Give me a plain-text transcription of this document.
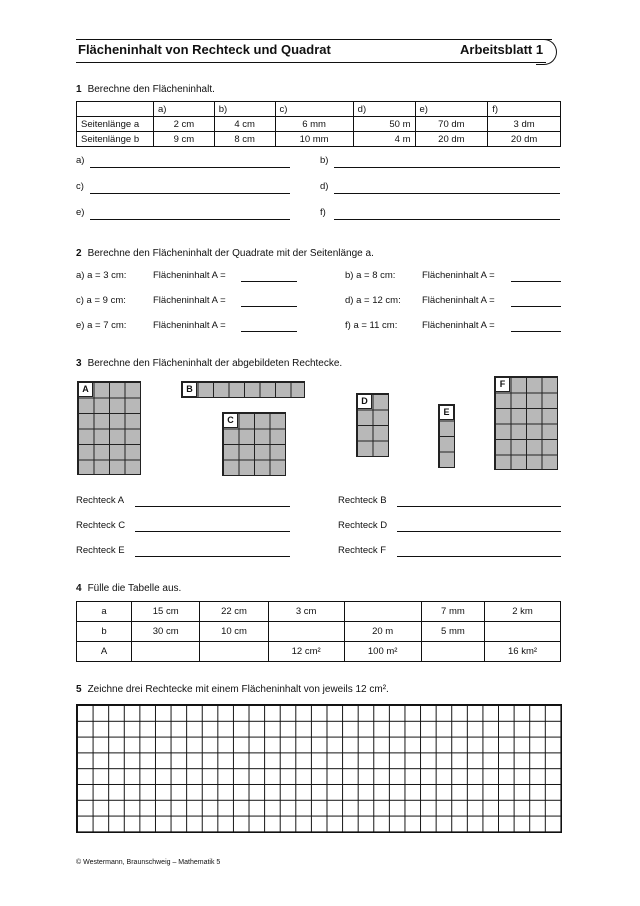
Flächeninhalt von Rechteck und Quadrat	Arbeitsblatt 1
1 Berechne den Flächeninhalt.
	a)	b)	c)	d)	e)	f)
Seitenlänge a	2 cm	4 cm	6 mm	50 m	70 dm	3 dm
Seitenlänge b	9 cm	8 cm	10 mm	4 m	20 dm	20 dm
a)	b)
c)	d)
e)	f)
2 Berechne den Flächeninhalt der Quadrate mit der Seitenlänge a.
a) a = 3 cm:	Flächeninhalt A =	b) a = 8 cm:	Flächeninhalt A =
c) a = 9 cm:	Flächeninhalt A =	d) a = 12 cm: Flächeninhalt A =
e) a = 7 cm:	Flächeninhalt A =	f) a = 11 cm:	Flächeninhalt A =
3 Berechne den Flächeninhalt der abgebildeten Rechtecke.
A	B
C
D
E
F
Rechteck A	Rechteck B
Rechteck C	Rechteck D
Rechteck E	Rechteck F
4 Fülle die Tabelle aus.
a	15 cm	22 cm	3 cm		7 mm	2 km
b	30 cm	10 cm		20 m	5 mm	
A			12 cm²	100 m²		16 km²
5 Zeichne drei Rechtecke mit einem Flächeninhalt von jeweils 12 cm².
© Westermann, Braunschweig – Mathematik 5
